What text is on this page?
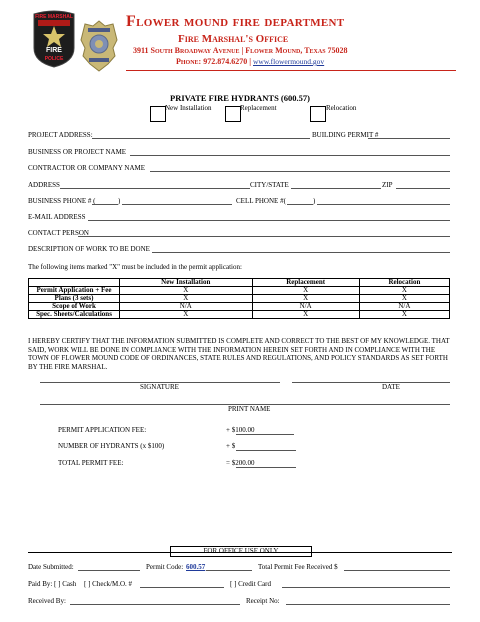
FIRE MARSHAL
FIRE
POLICE
Flower mound fire department
Fire Marshal's Office
3911 South Broadway Avenue | Flower Mound, Texas 75028
Phone: 972.874.6270 | www.flowermound.gov
PRIVATE FIRE HYDRANTS (600.57)
New Installation	Replacement	Relocation
PROJECT ADDRESS:	BUILDING PERMIT #
BUSINESS OR PROJECT NAME
CONTRACTOR OR COMPANY NAME
ADDRESS	CITY/STATE	ZIP
BUSINESS PHONE # (	)	CELL PHONE #(	)
E-MAIL ADDRESS
CONTACT PERSON
DESCRIPTION OF WORK TO BE DONE
The following items marked "X" must be included in the permit application:
	New Installation	Replacement	Relocation
Permit Application + Fee	X	X	X
Plans (3 sets)	X	X	X
Scope of Work	N/A	N/A	N/A
Spec. Sheets/Calculations	X	X	X
I HEREBY CERTIFY THAT THE INFORMATION SUBMITTED IS COMPLETE AND CORRECT TO THE BEST OF MY KNOWLEDGE. THAT SAID, WORK WILL BE DONE IN COMPLIANCE WITH THE INFORMATION HEREIN SET FORTH AND IN COMPLIANCE WITH THE TOWN OF FLOWER MOUND CODE OF ORDINANCES, STATE RULES AND REGULATIONS, AND POLICY STANDARDS AS SET FORTH BY THE FIRE MARSHAL.
SIGNATURE	DATE
PRINT NAME
PERMIT APPLICATION FEE:	+ $100.00
NUMBER OF HYDRANTS (x $100)	+ $
TOTAL PERMIT FEE:	= $200.00
FOR OFFICE USE ONLY
Date Submitted:	Permit Code: 600.57	Total Permit Fee Received $
Paid By: [ ] Cash [ ] Check/M.O. #	[ ] Credit Card
Received By:	Receipt No:
